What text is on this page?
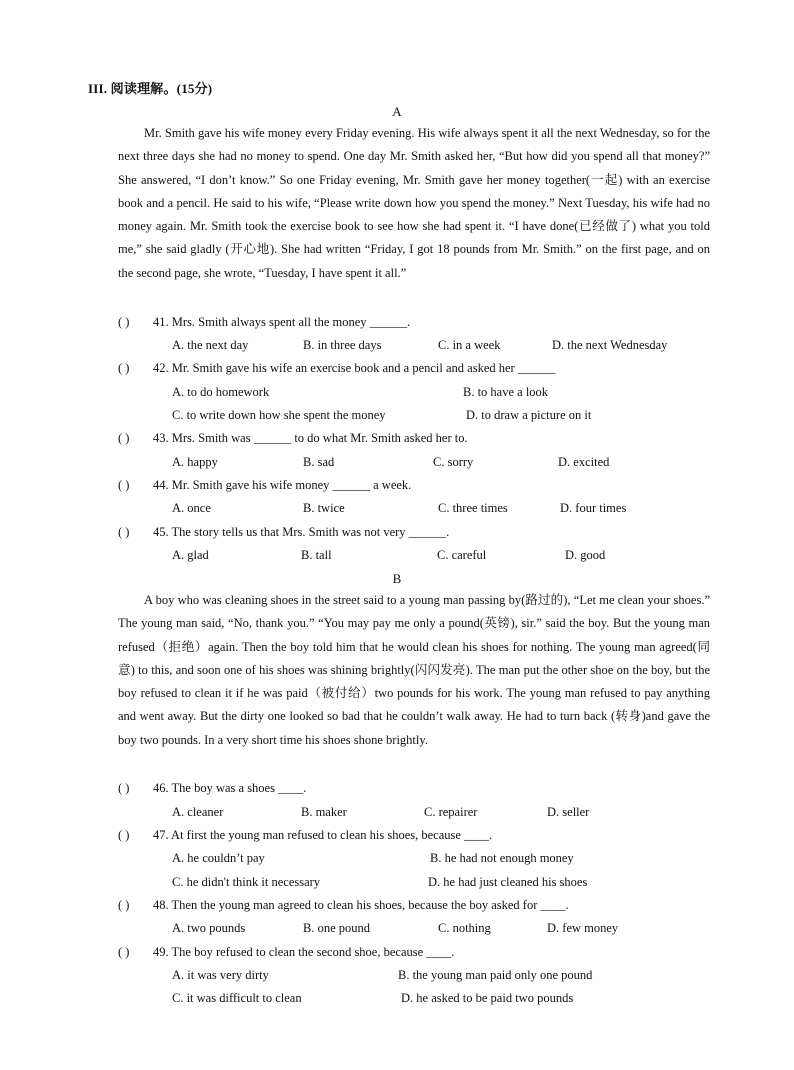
III. 阅读理解。(15分)
A
Mr. Smith gave his wife money every Friday evening. His wife always spent it all the next Wednesday, so for the next three days she had no money to spend. One day Mr. Smith asked her, “But how did you spend all that money?” She answered, “I don’t know.” So one Friday evening, Mr. Smith gave her money together(一起) with an exercise book and a pencil. He said to his wife, “Please write down how you spend the money.” Next Tuesday, his wife had no money again. Mr. Smith took the exercise book to see how she had spent it. “I have done(已经做了) what you told me,” she said gladly (开心地). She had written “Friday, I got 18 pounds from Mr. Smith.” on the first page, and on the second page, she wrote, “Tuesday, I have spent it all.”
( ) 41. Mrs. Smith always spent all the money ______.
A. the next day	B. in three days	C. in a week	D. the next Wednesday
( ) 42. Mr. Smith gave his wife an exercise book and a pencil and asked her ______
A. to do homework	B. to have a look
C. to write down how she spent the money	D. to draw a picture on it
( ) 43. Mrs. Smith was ______ to do what Mr. Smith asked her to.
A. happy	B. sad	C. sorry	D. excited
( ) 44. Mr. Smith gave his wife money ______ a week.
A. once	B. twice	C. three times	D. four times
( ) 45. The story tells us that Mrs. Smith was not very ______.
A. glad	B. tall	C. careful	D. good
B
A boy who was cleaning shoes in the street said to a young man passing by(路过的), “Let me clean your shoes.” The young man said, “No, thank you.” “You may pay me only a pound(英镑), sir.” said the boy. But the young man refused（拒绝）again. Then the boy told him that he would clean his shoes for nothing. The young man agreed(同意) to this, and soon one of his shoes was shining brightly(闪闪发亮). The man put the other shoe on the boy, but the boy refused to clean it if he was paid（被付给）two pounds for his work. The young man refused to pay anything and went away. But the dirty one looked so bad that he couldn’t walk away. He had to turn back (转身)and gave the boy two pounds. In a very short time his shoes shone brightly.
( ) 46. The boy was a shoes ____.
A. cleaner	B. maker	C. repairer	D. seller
( ) 47. At first the young man refused to clean his shoes, because ____.
A. he couldn’t pay	B. he had not enough money
C. he didn't think it necessary	D. he had just cleaned his shoes
( ) 48. Then the young man agreed to clean his shoes, because the boy asked for ____.
A. two pounds	B. one pound	C. nothing	D. few money
( ) 49. The boy refused to clean the second shoe, because ____.
A. it was very dirty	B. the young man paid only one pound
C. it was difficult to clean	D. he asked to be paid two pounds
